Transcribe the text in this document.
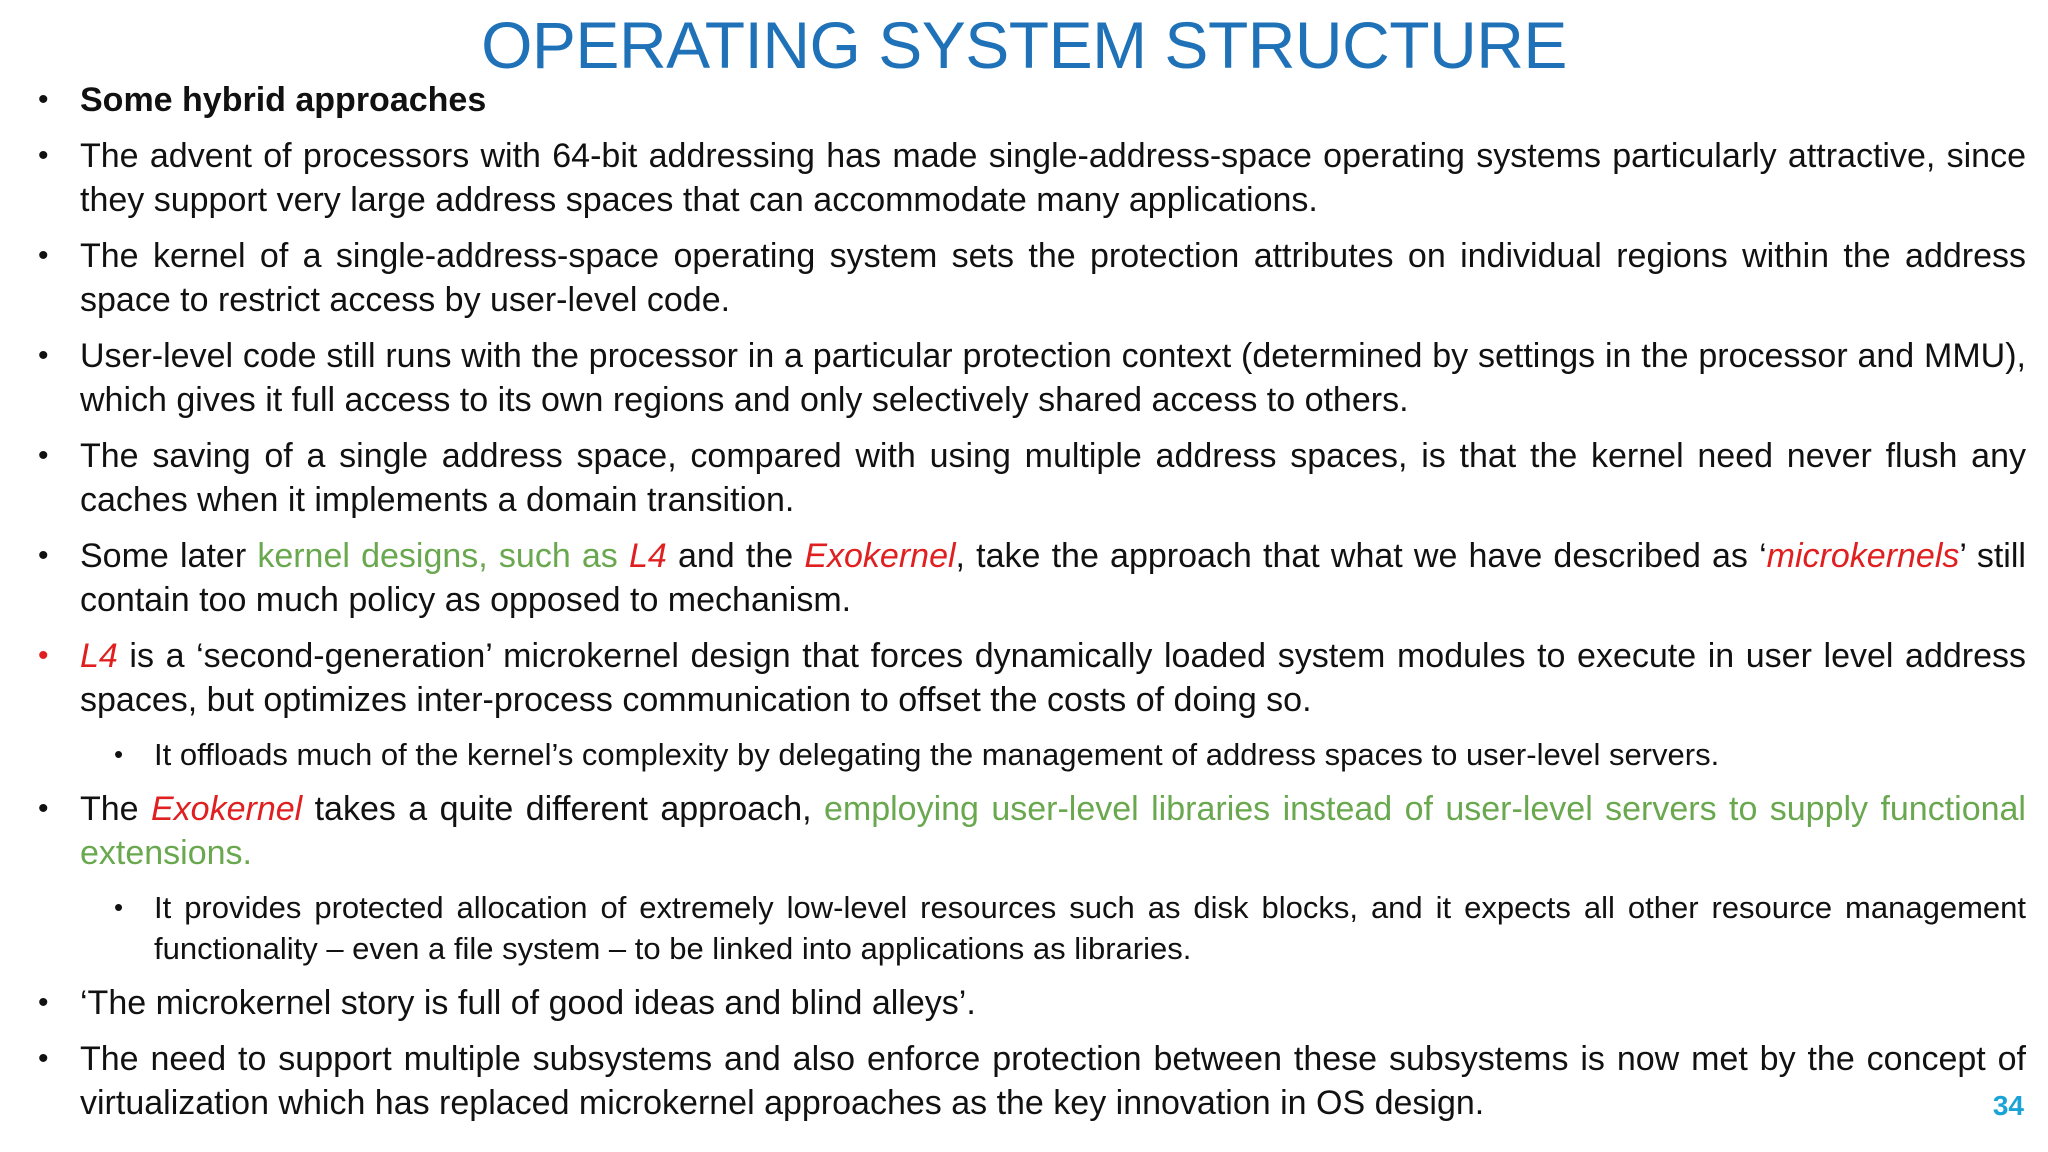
OPERATING SYSTEM STRUCTURE
• Some hybrid approaches
• The advent of processors with 64-bit addressing has made single-address-space operating systems particularly attractive, since they support very large address spaces that can accommodate many applications.
• The kernel of a single-address-space operating system sets the protection attributes on individual regions within the address space to restrict access by user-level code.
• User-level code still runs with the processor in a particular protection context (determined by settings in the processor and MMU), which gives it full access to its own regions and only selectively shared access to others.
• The saving of a single address space, compared with using multiple address spaces, is that the kernel need never flush any caches when it implements a domain transition.
• Some later kernel designs, such as L4 and the Exokernel, take the approach that what we have described as ‘microkernels’ still contain too much policy as opposed to mechanism.
• L4 is a ‘second-generation’ microkernel design that forces dynamically loaded system modules to execute in user level address spaces, but optimizes inter-process communication to offset the costs of doing so.
• It offloads much of the kernel’s complexity by delegating the management of address spaces to user-level servers.
• The Exokernel takes a quite different approach, employing user-level libraries instead of user-level servers to supply functional extensions.
• It provides protected allocation of extremely low-level resources such as disk blocks, and it expects all other resource management functionality – even a file system – to be linked into applications as libraries.
• ‘The microkernel story is full of good ideas and blind alleys’.
• The need to support multiple subsystems and also enforce protection between these subsystems is now met by the concept of virtualization which has replaced microkernel approaches as the key innovation in OS design.	34
